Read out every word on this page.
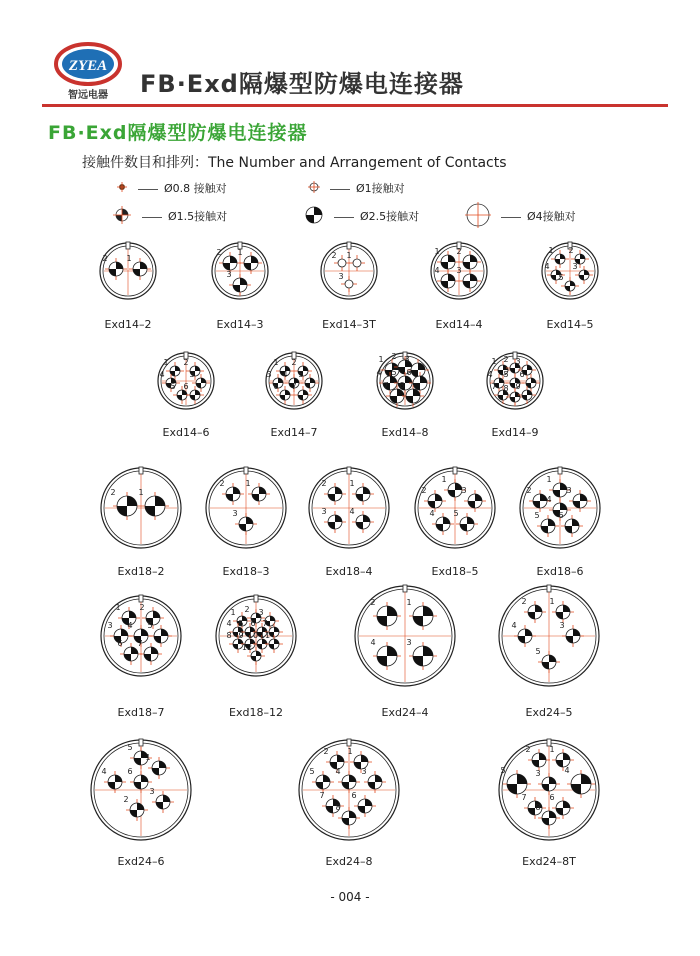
ZYEA
智远电器 FB·Exd隔爆型防爆电连接器
FB·Exd隔爆型防爆电连接器
接触件数目和排列：The Number and Arrangement of Contacts
Ø0.8 接触对	Ø1接触对
Ø1.5接触对	Ø2.5接触对	Ø4接触对
2 1
2 1
3
2 1
3
1 2
4 3
1 2
3
4
5
1 2
3
4
5 6
1 2
3 4 5
6 7
1 2 3
4 5 6
7 8
1 2 3
4 5 6
7 8 9
2	1
2	1
3
2	1
3	4
1
2	3
4 5
1
2	3
4
5 6
1 2
3 4 5
6 7
1 2 3
4 5 6 7
8 9 10 11
12
2	1
4	3
2	1
4	3
5
5
1
4	6
3
2
2 1
5	4	3
7	6
8
2 1
5	4
3
7	6
8
Exd14–2	Exd14–3	Exd14–3T	Exd14–4	Exd14–5
Exd14–6	Exd14–7	Exd14–8	Exd14–9
Exd18–2	Exd18–3	Exd18–4	Exd18–5	Exd18–6
Exd18–7	Exd18–12	Exd24–4	Exd24–5
Exd24–6	Exd24–8	Exd24–8T
- 004 -
